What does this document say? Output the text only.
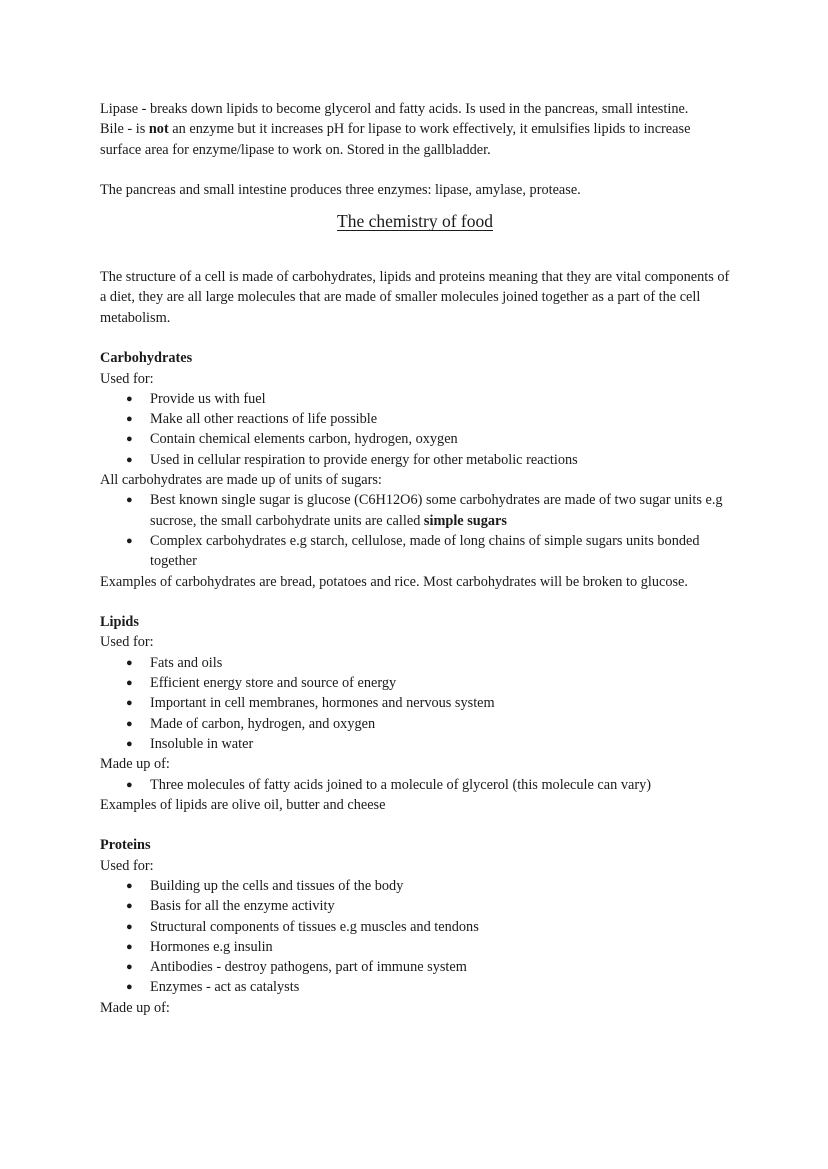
Lipase - breaks down lipids to become glycerol and fatty acids. Is used in the pancreas, small intestine.

Bile - is not an enzyme but it increases pH for lipase to work effectively, it emulsifies lipids to increase surface area for enzyme/lipase to work on. Stored in the gallbladder.

The pancreas and small intestine produces three enzymes: lipase, amylase, protease.

The chemistry of food

The structure of a cell is made of carbohydrates, lipids and proteins meaning that they are vital components of a diet, they are all large molecules that are made of smaller molecules joined together as a part of the cell metabolism.

Carbohydrates

Used for:

● Provide us with fuel
● Make all other reactions of life possible
● Contain chemical elements carbon, hydrogen, oxygen
● Used in cellular respiration to provide energy for other metabolic reactions

All carbohydrates are made up of units of sugars:

● Best known single sugar is glucose (C6H12O6) some carbohydrates are made of two sugar units e.g sucrose, the small carbohydrate units are called simple sugars
● Complex carbohydrates e.g starch, cellulose, made of long chains of simple sugars units bonded together

Examples of carbohydrates are bread, potatoes and rice. Most carbohydrates will be broken to glucose.

Lipids

Used for:

● Fats and oils
● Efficient energy store and source of energy
● Important in cell membranes, hormones and nervous system
● Made of carbon, hydrogen, and oxygen
● Insoluble in water

Made up of:

● Three molecules of fatty acids joined to a molecule of glycerol (this molecule can vary)

Examples of lipids are olive oil, butter and cheese

Proteins

Used for:

● Building up the cells and tissues of the body
● Basis for all the enzyme activity
● Structural components of tissues e.g muscles and tendons
● Hormones e.g insulin
● Antibodies - destroy pathogens, part of immune system
● Enzymes - act as catalysts

Made up of:
